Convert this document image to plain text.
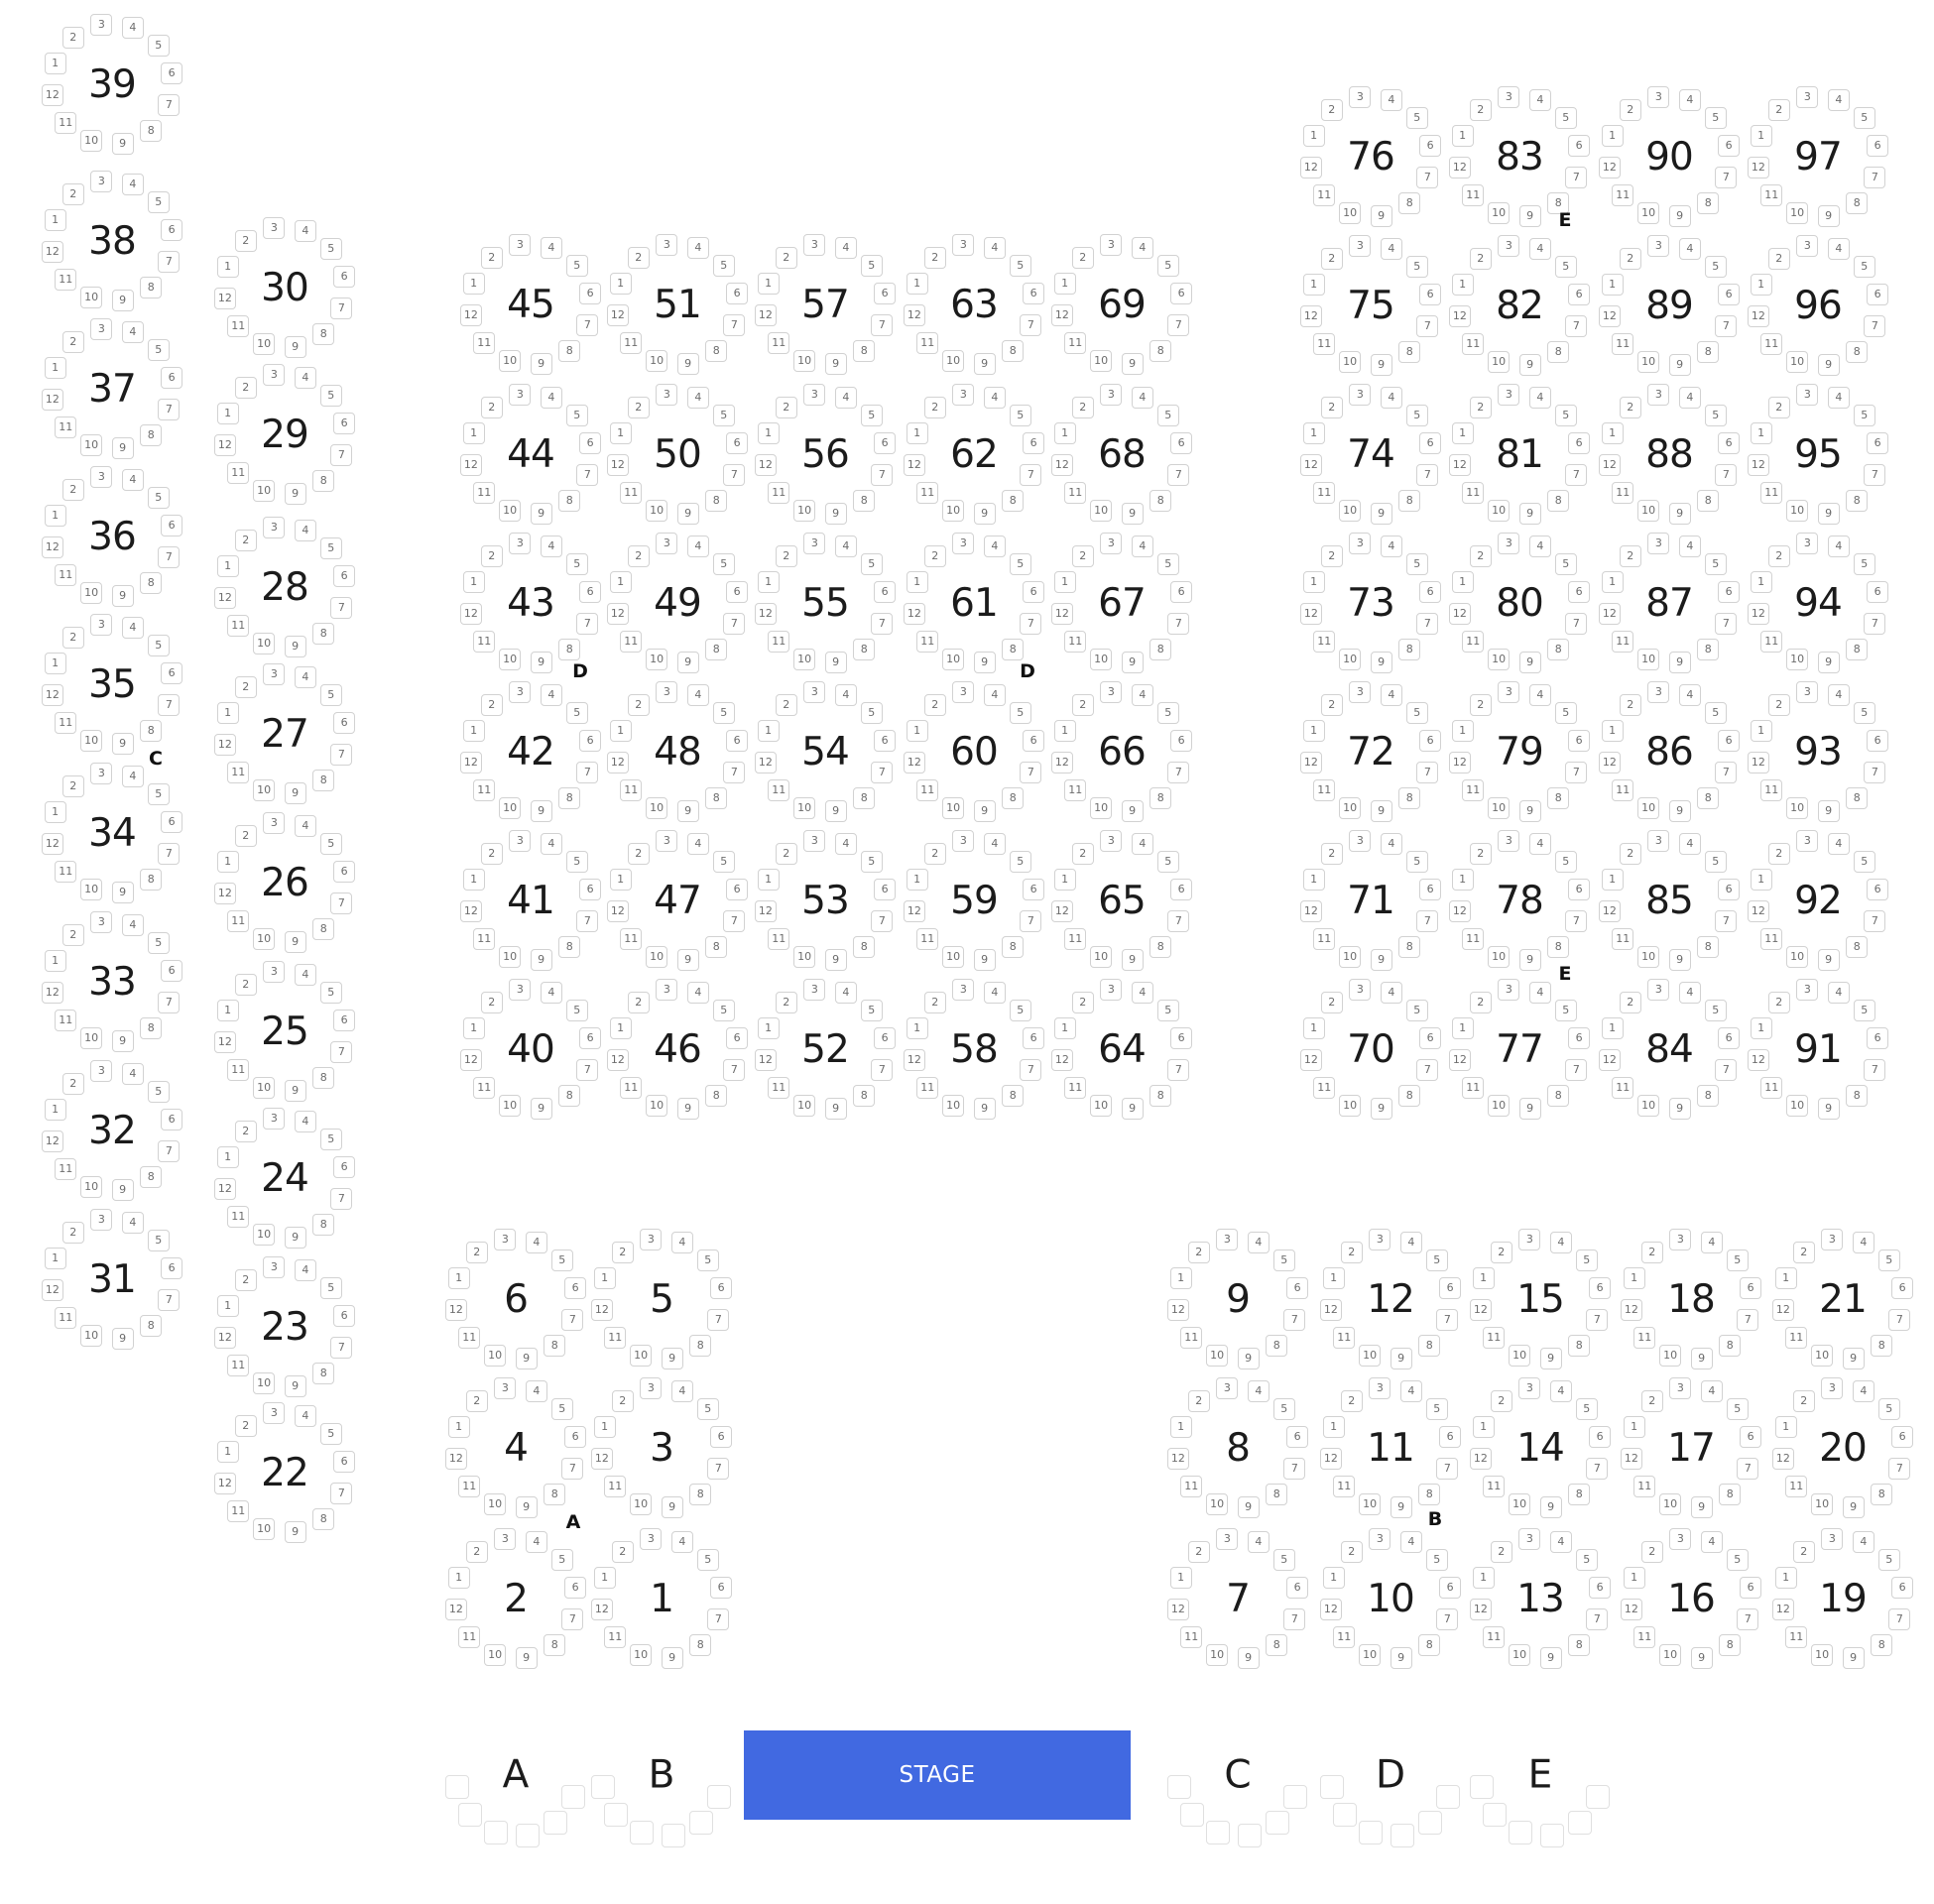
39
1
2
3	4
5
6
7
8
9
10
11
12
38
1
2
3	4
5
6
7
8
9
10
11
12
37
1
2
3	4
5
6
7
8
9
10
11
12
36
1
2
3	4
5
6
7
8
9
10
11
12
35
1
2
3	4
5
6
7
8
9
10
11
12
34
1
2
3	4
5
6
7
8
9
10
11
12
33
1
2
3	4
5
6
7
8
9
10
11
12
32
1
2
3	4
5
6
7
8
9
10
11
12
31
1
2
3	4
5
6
7
8
9
10
11
12
30
1
2
3	4
5
6
7
8
9
10
11
12
29
1
2
3	4
5
6
7
8
9
10
11
12
28
1
2
3	4
5
6
7
8
9
10
11
12
27
1
2
3	4
5
6
7
8
9
10
11
12
26
1
2
3	4
5
6
7
8
9
10
11
12
25
1
2
3	4
5
6
7
8
9
10
11
12
24
1
2
3	4
5
6
7
8
9
10
11
12
23
1
2
3	4
5
6
7
8
9
10
11
12
22
1
2
3	4
5
6
7
8
9
10
11
12
45
1
2
3	4
5
6
7
8
9
10
11
12	51
1
2
3	4
5
6
7
8
9
10
11
12	57
1
2
3	4
5
6
7
8
9
10
11
12	63
1
2
3	4
5
6
7
8
9
10
11
12	69
1
2
3	4
5
6
7
8
9
10
11
12
44
1
2
3	4
5
6
7
8
9
10
11
12	50
1
2
3	4
5
6
7
8
9
10
11
12	56
1
2
3	4
5
6
7
8
9
10
11
12	62
1
2
3	4
5
6
7
8
9
10
11
12	68
1
2
3	4
5
6
7
8
9
10
11
12
43
1
2
3	4
5
6
7
8
9
10
11
12	49
1
2
3	4
5
6
7
8
9
10
11
12	55
1
2
3	4
5
6
7
8
9
10
11
12	61
1
2
3	4
5
6
7
8
9
10
11
12	67
1
2
3	4
5
6
7
8
9
10
11
12
42
1
2
3	4
5
6
7
8
9
10
11
12	48
1
2
3	4
5
6
7
8
9
10
11
12	54
1
2
3	4
5
6
7
8
9
10
11
12	60
1
2
3	4
5
6
7
8
9
10
11
12	66
1
2
3	4
5
6
7
8
9
10
11
12
41
1
2
3	4
5
6
7
8
9
10
11
12	47
1
2
3	4
5
6
7
8
9
10
11
12	53
1
2
3	4
5
6
7
8
9
10
11
12	59
1
2
3	4
5
6
7
8
9
10
11
12	65
1
2
3	4
5
6
7
8
9
10
11
12
40
1
2
3	4
5
6
7
8
9
10
11
12	46
1
2
3	4
5
6
7
8
9
10
11
12	52
1
2
3	4
5
6
7
8
9
10
11
12	58
1
2
3	4
5
6
7
8
9
10
11
12	64
1
2
3	4
5
6
7
8
9
10
11
12
76
1
2
3	4
5
6
7
8
9
10
11
12	83
1
2
3	4
5
6
7
8
9
10
11
12	90
1
2
3	4
5
6
7
8
9
10
11
12	97
1
2
3	4
5
6
7
8
9
10
11
12
75
1
2
3	4
5
6
7
8
9
10
11
12	82
1
2
3	4
5
6
7
8
9
10
11
12	89
1
2
3	4
5
6
7
8
9
10
11
12	96
1
2
3	4
5
6
7
8
9
10
11
12
74
1
2
3	4
5
6
7
8
9
10
11
12	81
1
2
3	4
5
6
7
8
9
10
11
12	88
1
2
3	4
5
6
7
8
9
10
11
12	95
1
2
3	4
5
6
7
8
9
10
11
12
73
1
2
3	4
5
6
7
8
9
10
11
12	80
1
2
3	4
5
6
7
8
9
10
11
12	87
1
2
3	4
5
6
7
8
9
10
11
12	94
1
2
3	4
5
6
7
8
9
10
11
12
72
1
2
3	4
5
6
7
8
9
10
11
12	79
1
2
3	4
5
6
7
8
9
10
11
12	86
1
2
3	4
5
6
7
8
9
10
11
12	93
1
2
3	4
5
6
7
8
9
10
11
12
71
1
2
3	4
5
6
7
8
9
10
11
12	78
1
2
3	4
5
6
7
8
9
10
11
12	85
1
2
3	4
5
6
7
8
9
10
11
12	92
1
2
3	4
5
6
7
8
9
10
11
12
70
1
2
3	4
5
6
7
8
9
10
11
12	77
1
2
3	4
5
6
7
8
9
10
11
12	84
1
2
3	4
5
6
7
8
9
10
11
12	91
1
2
3	4
5
6
7
8
9
10
11
12
6
1
2
3	4
5
6
7
8
9
10
11
12	5
1
2
3	4
5
6
7
8
9
10
11
12
4
1
2
3	4
5
6
7
8
9
10
11
12	3
1
2
3	4
5
6
7
8
9
10
11
12
2
1
2
3	4
5
6
7
8
9
10
11
12	1
1
2
3	4
5
6
7
8
9
10
11
12
9
1
2
3	4
5
6
7
8
9
10
11
12	12
1
2
3	4
5
6
7
8
9
10
11
12	15
1
2
3	4
5
6
7
8
9
10
11
12	18
1
2
3	4
5
6
7
8
9
10
11
12	21
1
2
3	4
5
6
7
8
9
10
11
12
8
1
2
3	4
5
6
7
8
9
10
11
12	11
1
2
3	4
5
6
7
8
9
10
11
12	14
1
2
3	4
5
6
7
8
9
10
11
12	17
1
2
3	4
5
6
7
8
9
10
11
12	20
1
2
3	4
5
6
7
8
9
10
11
12
7
1
2
3	4
5
6
7
8
9
10
11
12	10
1
2
3	4
5
6
7
8
9
10
11
12	13
1
2
3	4
5
6
7
8
9
10
11
12	16
1
2
3	4
5
6
7
8
9
10
11
12	19
1
2
3	4
5
6
7
8
9
10
11
12
C
D	D
E
E
A	B
A	B	C	D	E
STAGE
